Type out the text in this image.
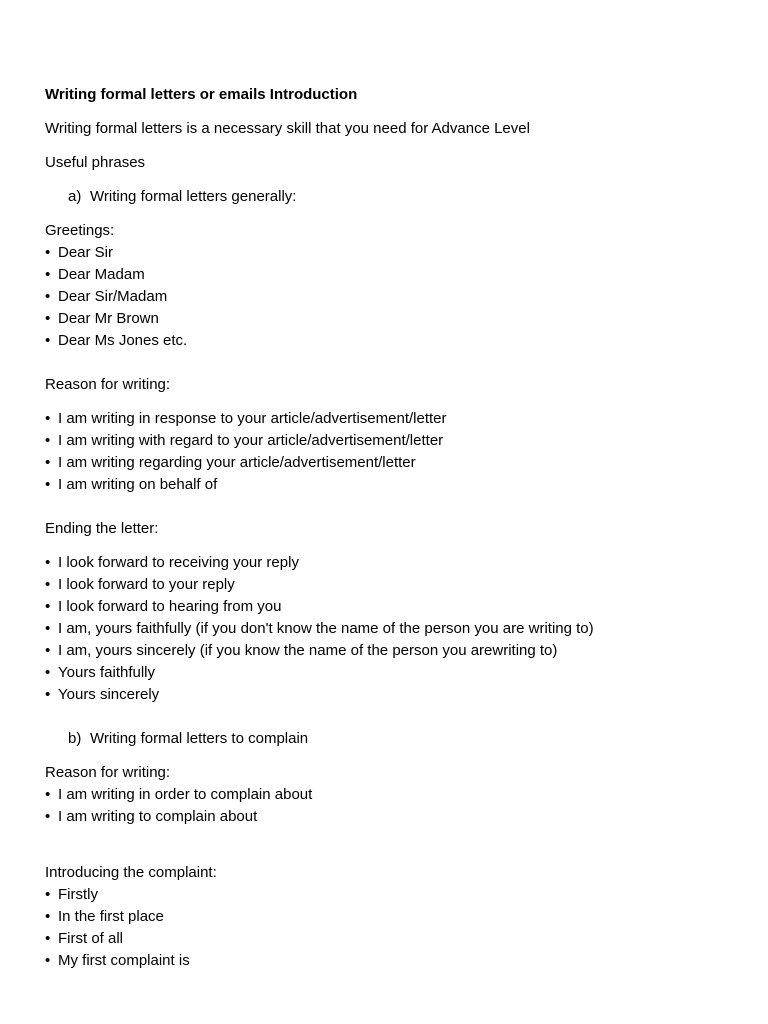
Writing formal letters or emails Introduction

Writing formal letters is a necessary skill that you need for Advance Level

Useful phrases

a) Writing formal letters generally:

Greetings:

• Dear Sir
• Dear Madam
• Dear Sir/Madam
• Dear Mr Brown
• Dear Ms Jones etc.

Reason for writing:

• I am writing in response to your article/advertisement/letter
• I am writing with regard to your article/advertisement/letter
• I am writing regarding your article/advertisement/letter
• I am writing on behalf of

Ending the letter:

• I look forward to receiving your reply
• I look forward to your reply
• I look forward to hearing from you
• I am, yours faithfully (if you don't know the name of the person you are writing to)
• I am, yours sincerely (if you know the name of the person you arewriting to)
• Yours faithfully
• Yours sincerely

b) Writing formal letters to complain

Reason for writing:

• I am writing in order to complain about
• I am writing to complain about

Introducing the complaint:

• Firstly
• In the first place
• First of all
• My first complaint is
